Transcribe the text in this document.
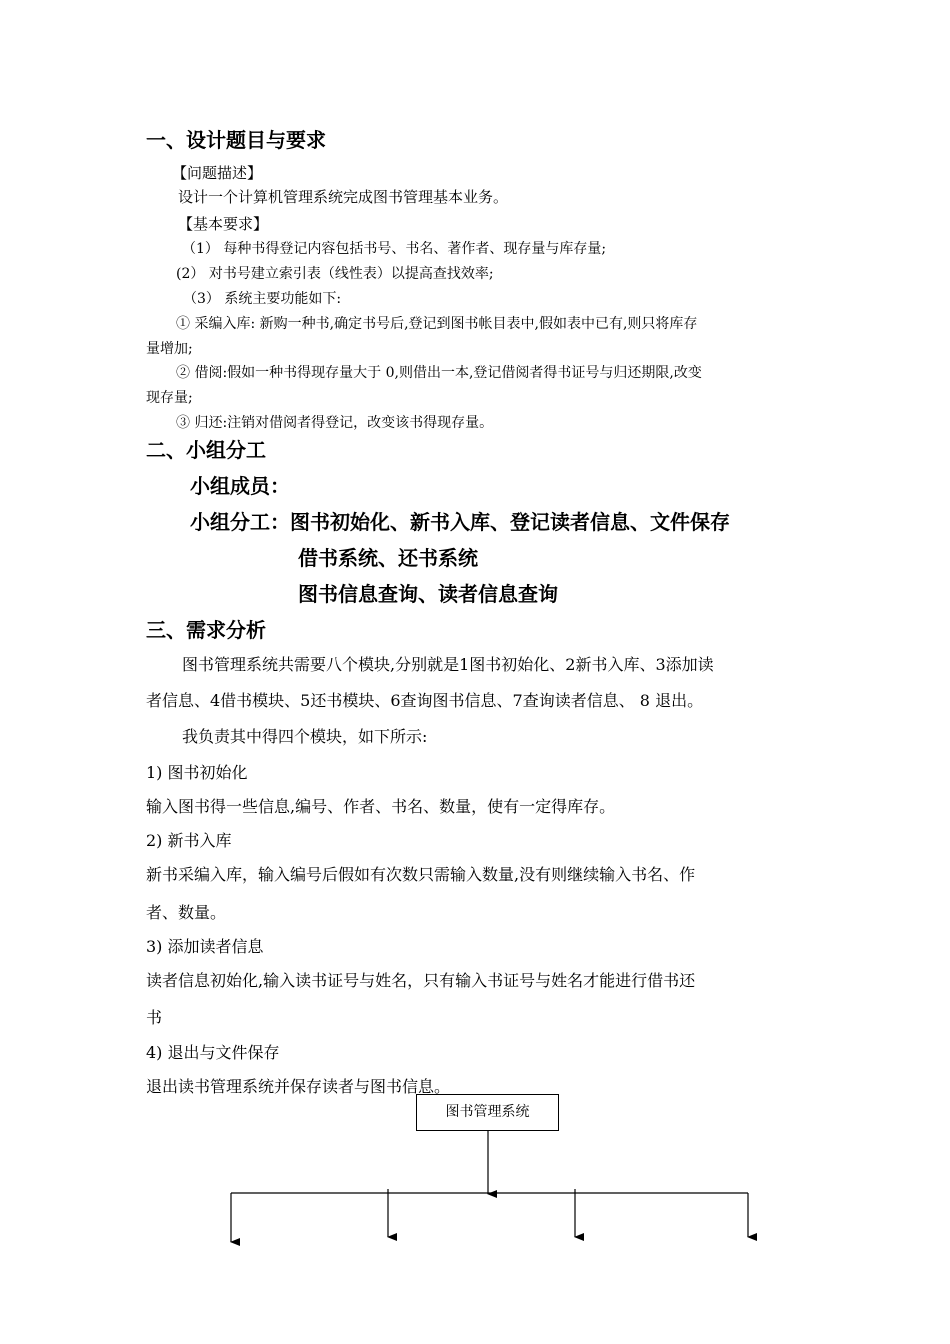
一、设计题目与要求
【问题描述】
设计一个计算机管理系统完成图书管理基本业务。
【基本要求】
（1） 每种书得登记内容包括书号、书名、著作者、现存量与库存量;
(2） 对书号建立索引表（线性表）以提高查找效率;
（3） 系统主要功能如下:
① 采编入库: 新购一种书,确定书号后,登记到图书帐目表中,假如表中已有,则只将库存
量增加;
② 借阅:假如一种书得现存量大于 0,则借出一本,登记借阅者得书证号与归还期限,改变
现存量;
③ 归还:注销对借阅者得登记，改变该书得现存量。
二、小组分工
小组成员：
小组分工：图书初始化、新书入库、登记读者信息、文件保存
借书系统、还书系统
图书信息查询、读者信息查询
三、需求分析
图书管理系统共需要八个模块,分别就是1图书初始化、2新书入库、3添加读
者信息、4借书模块、5还书模块、6查询图书信息、7查询读者信息、 8 退出。
我负责其中得四个模块，如下所示:
1) 图书初始化
输入图书得一些信息,编号、作者、书名、数量，使有一定得库存。
2) 新书入库
新书采编入库，输入编号后假如有次数只需输入数量,没有则继续输入书名、作
者、数量。
3) 添加读者信息
读者信息初始化,输入读书证号与姓名，只有输入书证号与姓名才能进行借书还
书
4) 退出与文件保存
退出读书管理系统并保存读者与图书信息。
图书管理系统
